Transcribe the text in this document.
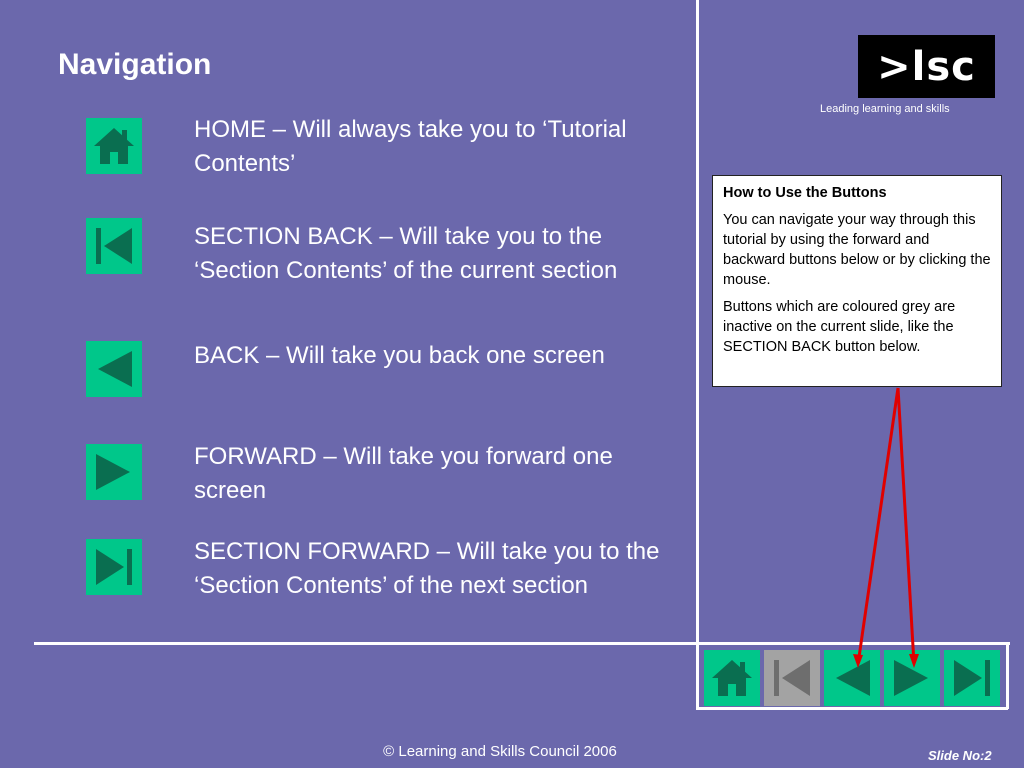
Navigation
HOME – Will always take you to ‘Tutorial Contents’
SECTION BACK – Will take you to the ‘Section Contents’ of the current section
BACK – Will take you back one screen
FORWARD – Will take you forward one screen
SECTION FORWARD – Will take you to the ‘Section Contents’ of the next section
>lsc
Leading learning and skills
How to Use the Buttons

You can navigate your way through this tutorial by using the forward and backward buttons below or by clicking the mouse.

Buttons which are coloured grey are inactive on the current slide, like the SECTION BACK button below.

© Learning and Skills Council 2006	Slide No:2
